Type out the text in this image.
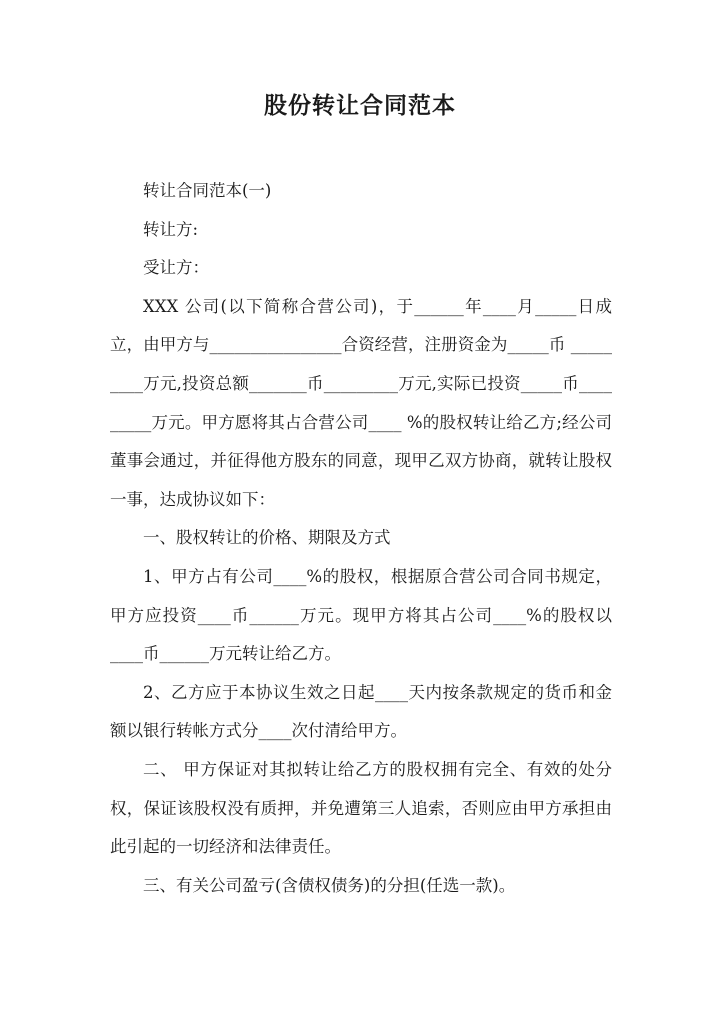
股份转让合同范本

转让合同范本(一)

转让方:

受让方：

XXX 公司(以下简称合营公司)，于______年____月_____日成立，由甲方与________________合资经营，注册资金为_____币 _________万元,投资总额_______币_________万元,实际已投资_____币_________万元。甲方愿将其占合营公司____ %的股权转让给乙方;经公司董事会通过，并征得他方股东的同意，现甲乙双方协商，就转让股权一事，达成协议如下：

一、股权转让的价格、期限及方式

1、甲方占有公司____%的股权，根据原合营公司合同书规定，甲方应投资____币______万元。现甲方将其占公司____%的股权以　　____币______万元转让给乙方。

2、乙方应于本协议生效之日起____天内按条款规定的货币和金额以银行转帐方式分____次付清给甲方。

二、 甲方保证对其拟转让给乙方的股权拥有完全、有效的处分权，保证该股权没有质押，并免遭第三人追索，否则应由甲方承担由此引起的一切经济和法律责任。

三、有关公司盈亏(含债权债务)的分担(任选一款)。
